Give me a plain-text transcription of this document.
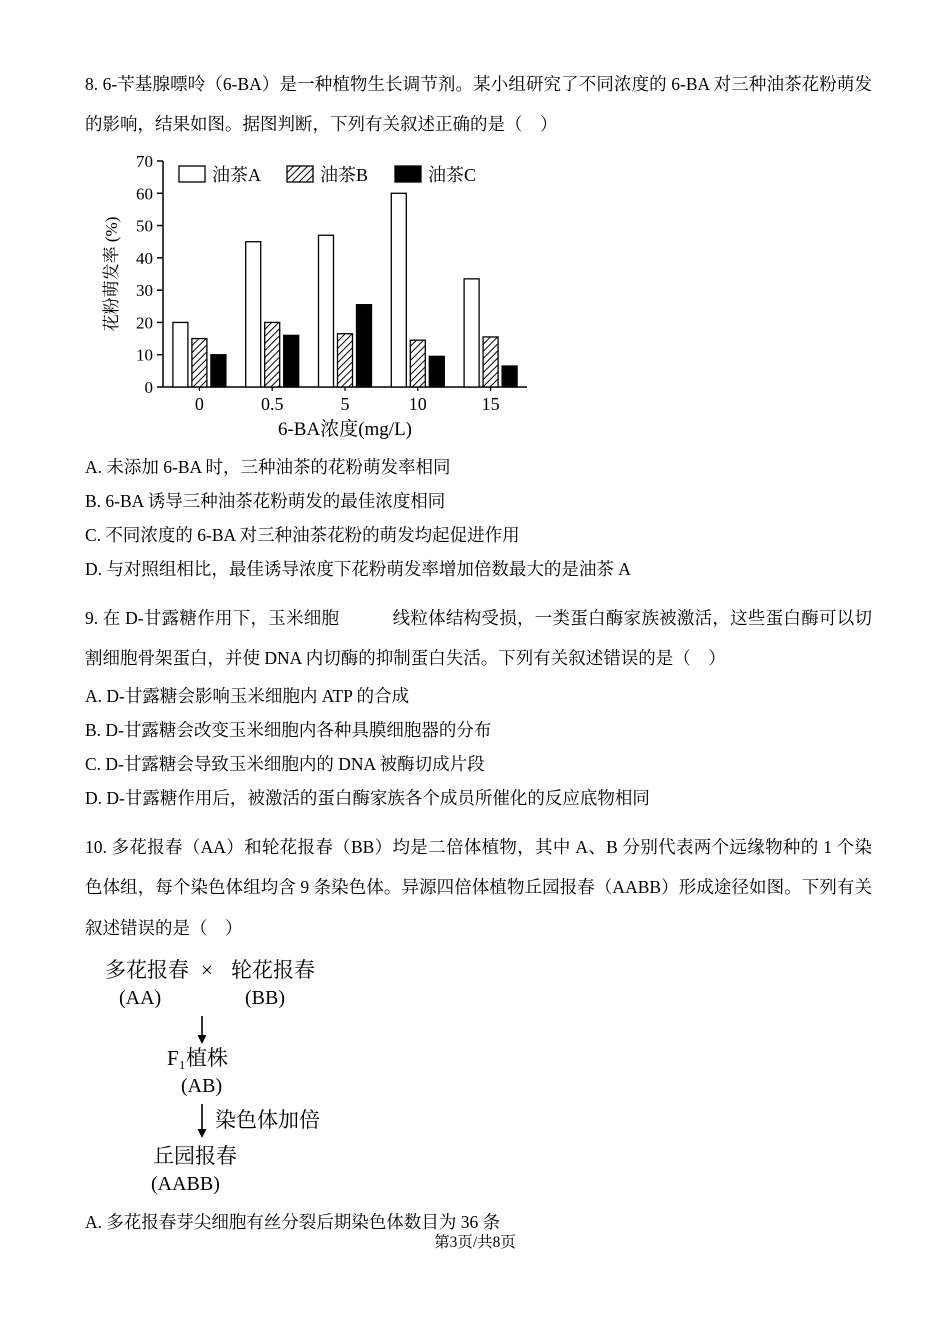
8. 6-苄基腺嘌呤（6-BA）是一种植物生长调节剂。某小组研究了不同浓度的 6-BA 对三种油茶花粉萌发的影响，结果如图。据图判断，下列有关叙述正确的是（　）

0
10
20
30
40
50
60
70
花粉萌发率 (%)
0	0.5	5	10	15
6-BA浓度(mg/L)
油茶A	油茶B	油茶C

A. 未添加 6-BA 时，三种油茶的花粉萌发率相同

B. 6-BA 诱导三种油茶花粉萌发的最佳浓度相同

C. 不同浓度的 6-BA 对三种油茶花粉的萌发均起促进作用

D. 与对照组相比，最佳诱导浓度下花粉萌发率增加倍数最大的是油茶 A

9. 在 D-甘露糖作用下，玉米细胞　　　线粒体结构受损，一类蛋白酶家族被激活，这些蛋白酶可以切割细胞骨架蛋白，并使 DNA 内切酶的抑制蛋白失活。下列有关叙述错误的是（　）

A. D-甘露糖会影响玉米细胞内 ATP 的合成

B. D-甘露糖会改变玉米细胞内各种具膜细胞器的分布

C. D-甘露糖会导致玉米细胞内的 DNA 被酶切成片段

D. D-甘露糖作用后，被激活的蛋白酶家族各个成员所催化的反应底物相同

10. 多花报春（AA）和轮花报春（BB）均是二倍体植物，其中 A、B 分别代表两个远缘物种的 1 个染色体组，每个染色体组均含 9 条染色体。异源四倍体植物丘园报春（AABB）形成途径如图。下列有关叙述错误的是（　）

多花报春 × 轮花报春
(AA)	(BB)
F₁植株
(AB)
染色体加倍
丘园报春
(AABB)

A. 多花报春芽尖细胞有丝分裂后期染色体数目为 36 条

第3页/共8页
